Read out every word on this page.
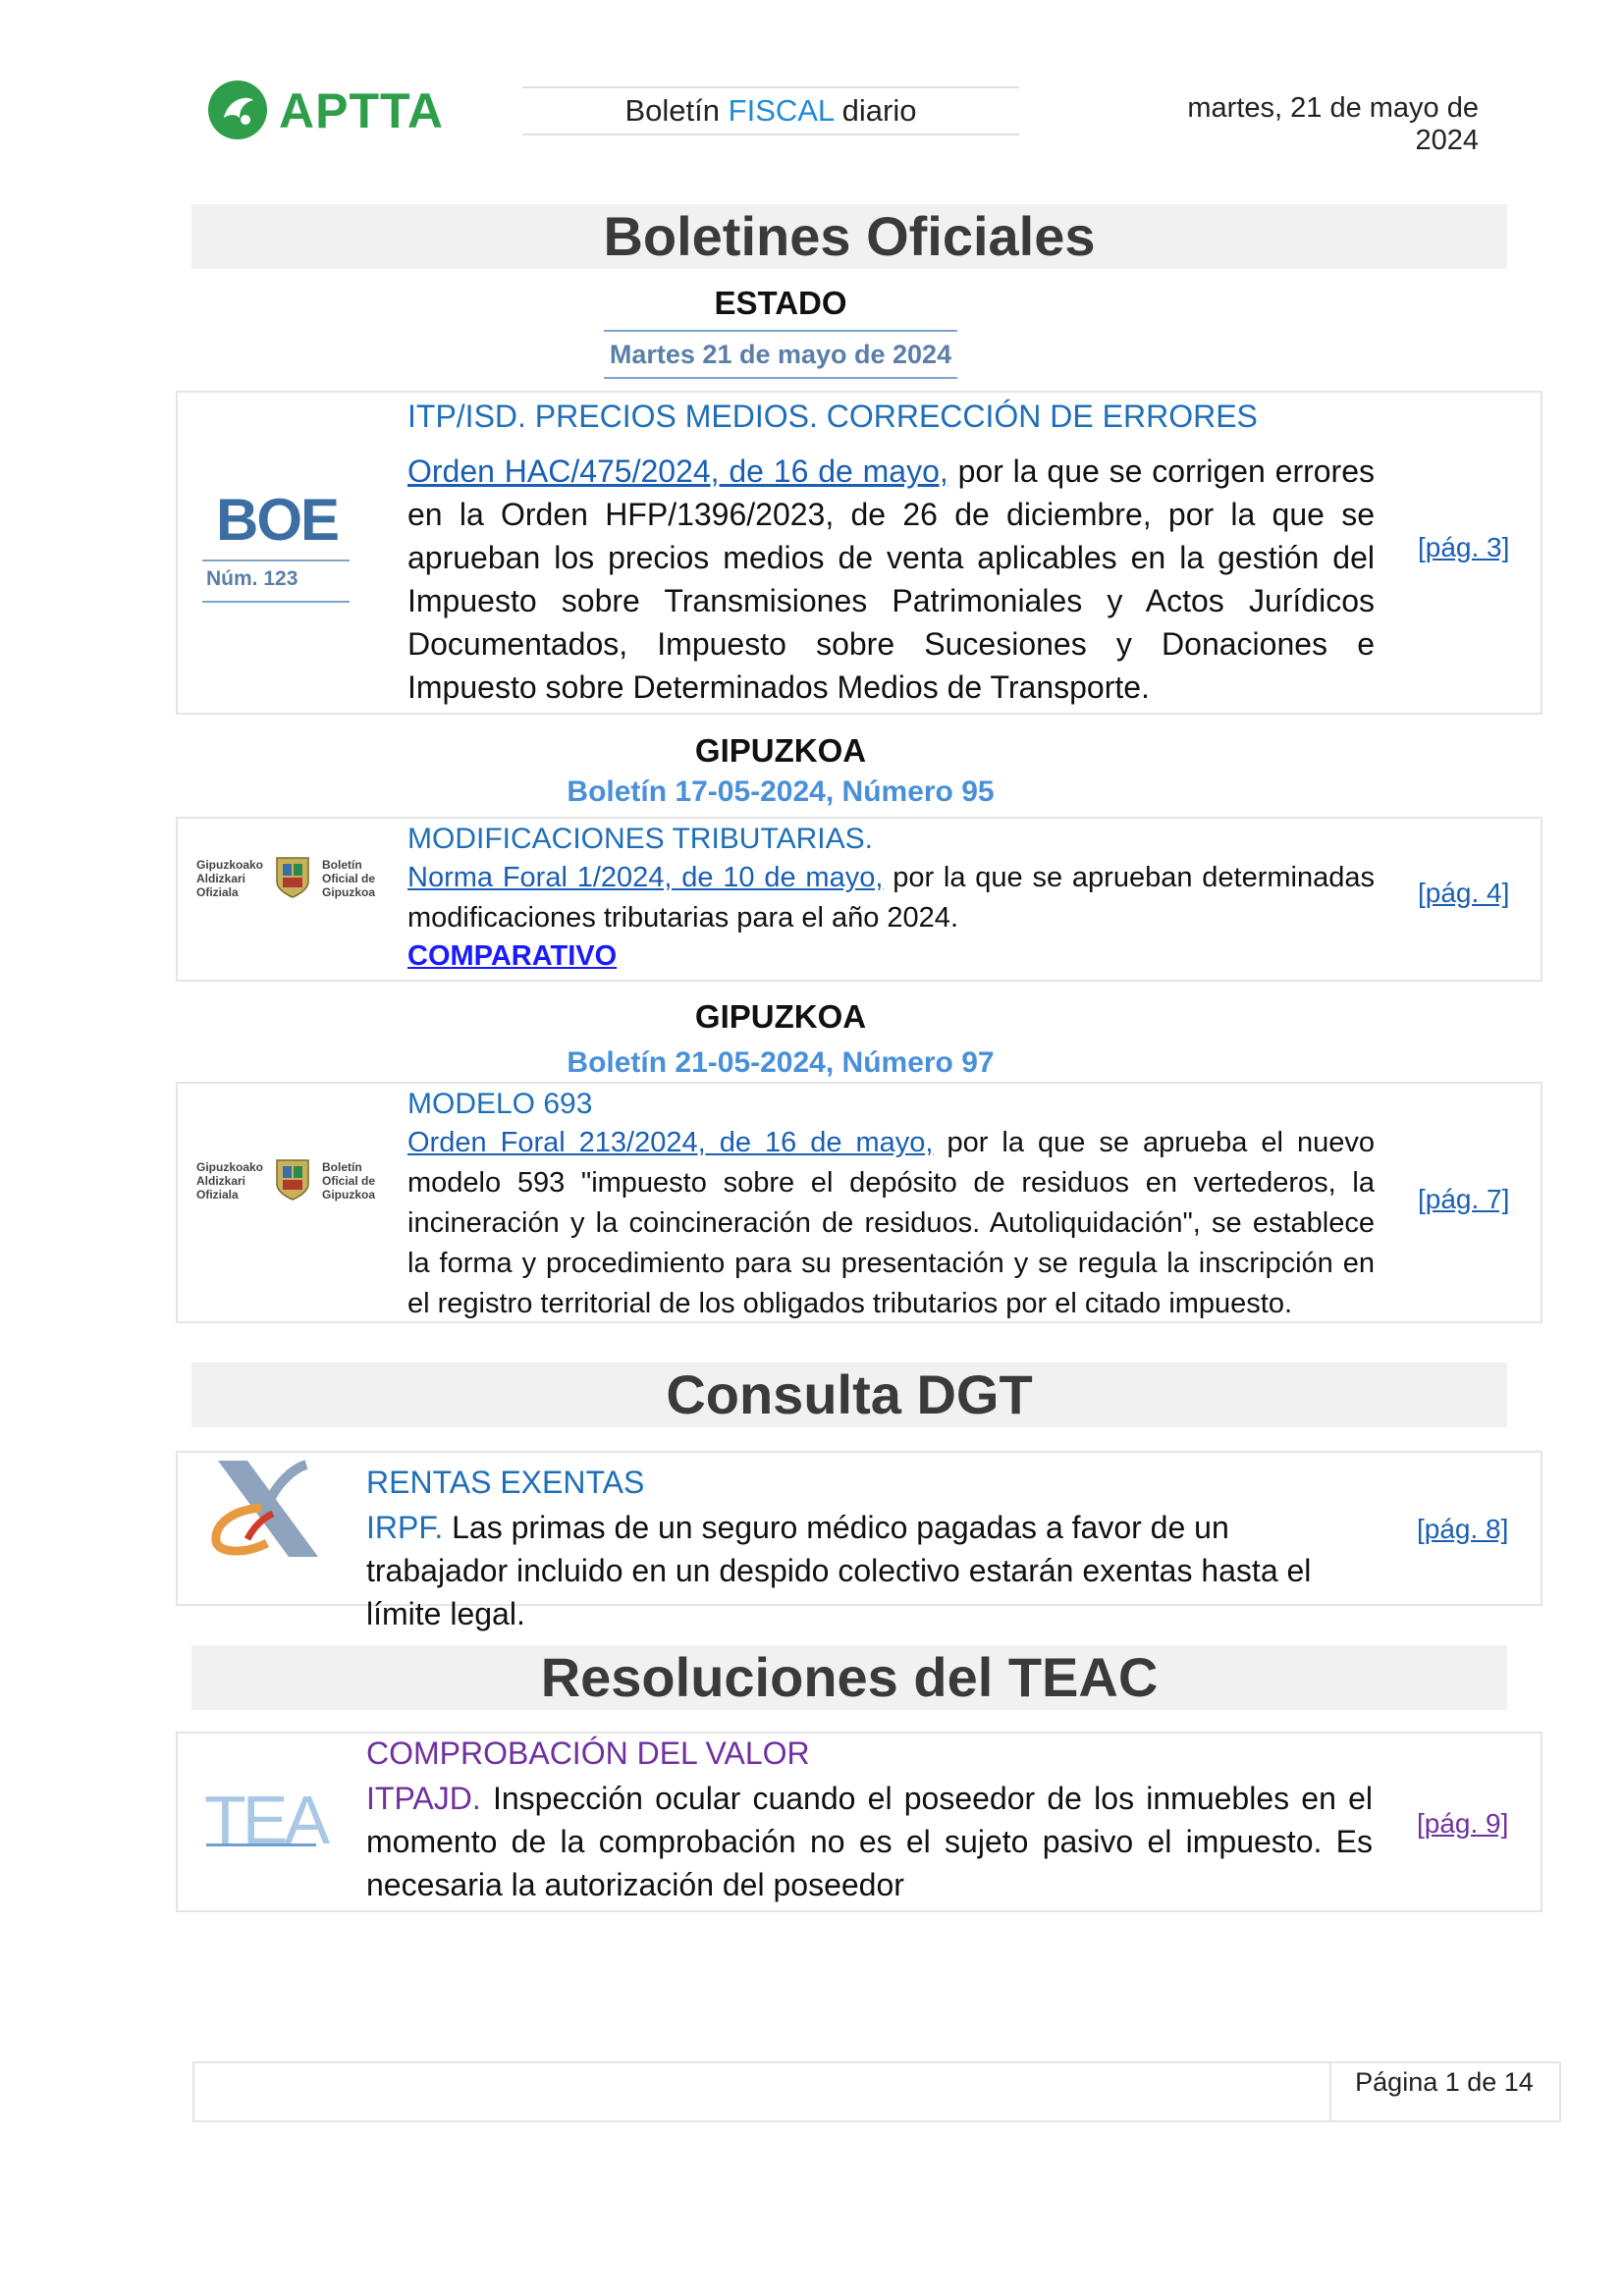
APTTA	Boletín FISCAL diario	martes, 21 de mayo de 2024
Boletines Oficiales
ESTADO
Martes 21 de mayo de 2024
BOE
Núm. 123
ITP/ISD. PRECIOS MEDIOS. CORRECCIÓN DE ERRORES
Orden HAC/475/2024, de 16 de mayo, por la que se corrigen errores en la Orden HFP/1396/2023, de 26 de diciembre, por la que se aprueban los precios medios de venta aplicables en la gestión del Impuesto sobre Transmisiones Patrimoniales y Actos Jurídicos Documentados, Impuesto sobre Sucesiones y Donaciones e Impuesto sobre Determinados Medios de Transporte.
[pág. 3]
GIPUZKOA
Boletín 17-05-2024, Número 95
Gipuzkoako
Aldizkari
Ofiziala
Boletín
Oficial de
Gipuzkoa
MODIFICACIONES TRIBUTARIAS.
Norma Foral 1/2024, de 10 de mayo, por la que se aprueban determinadas modificaciones tributarias para el año 2024.
COMPARATIVO
[pág. 4]
GIPUZKOA
Boletín 21-05-2024, Número 97
Gipuzkoako
Aldizkari
Ofiziala
Boletín
Oficial de
Gipuzkoa
MODELO 693
Orden Foral 213/2024, de 16 de mayo, por la que se aprueba el nuevo modelo 593 "impuesto sobre el depósito de residuos en vertederos, la incineración y la coincineración de residuos. Autoliquidación", se establece la forma y procedimiento para su presentación y se regula la inscripción en el registro territorial de los obligados tributarios por el citado impuesto.
[pág. 7]
Consulta DGT
RENTAS EXENTAS
IRPF. Las primas de un seguro médico pagadas a favor de un trabajador incluido en un despido colectivo estarán exentas hasta el límite legal.
[pág. 8]
Resoluciones del TEAC
TEA
COMPROBACIÓN DEL VALOR
ITPAJD. Inspección ocular cuando el poseedor de los inmuebles en el momento de la comprobación no es el sujeto pasivo el impuesto. Es necesaria la autorización del poseedor
[pág. 9]
Página 1 de 14
